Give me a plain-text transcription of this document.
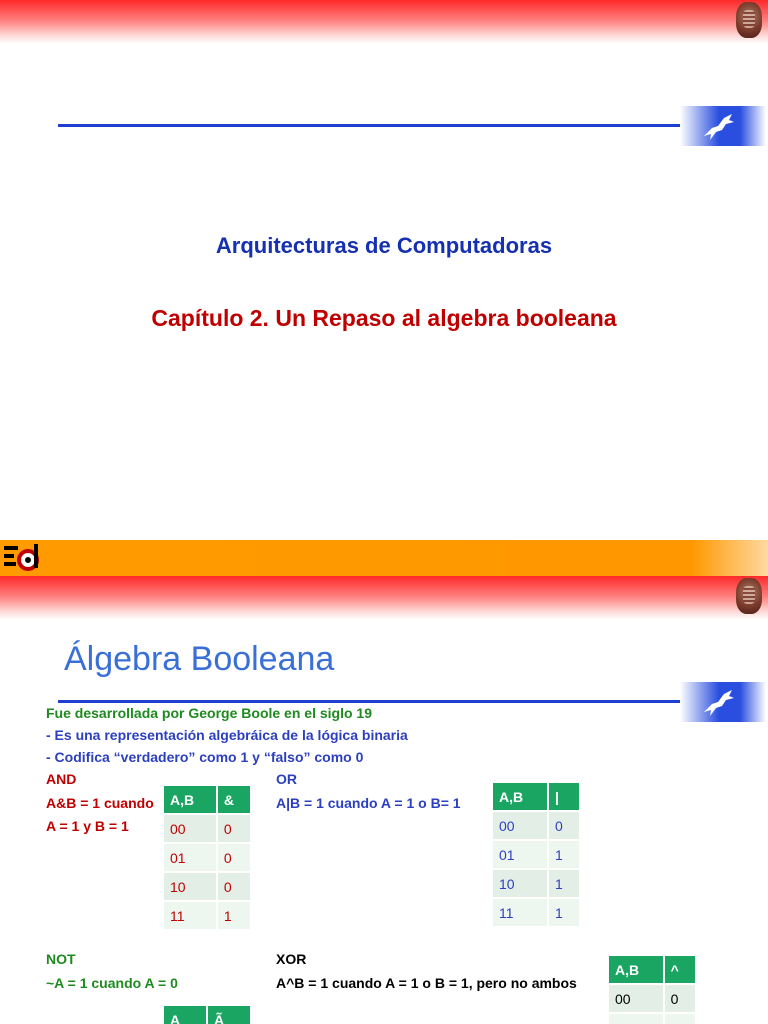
Arquitecturas de Computadoras
Capítulo 2. Un Repaso al algebra booleana
Álgebra Booleana
Fue desarrollada por George Boole en el siglo 19
- Es una representación algebráica de la lógica binaria
- Codifica “verdadero” como 1 y “falso” como 0
AND
A&B = 1 cuando
A = 1 y B = 1
A,B	&
00	0
01	0
10	0
11	1
OR
A|B = 1 cuando A = 1 o B= 1	A,B	|
00	0
01	1
10	1
11	1
NOT
~A = 1 cuando A = 0
A	Ã
XOR
A^B = 1 cuando A = 1 o B = 1, pero no ambos
A,B	^
00	0
